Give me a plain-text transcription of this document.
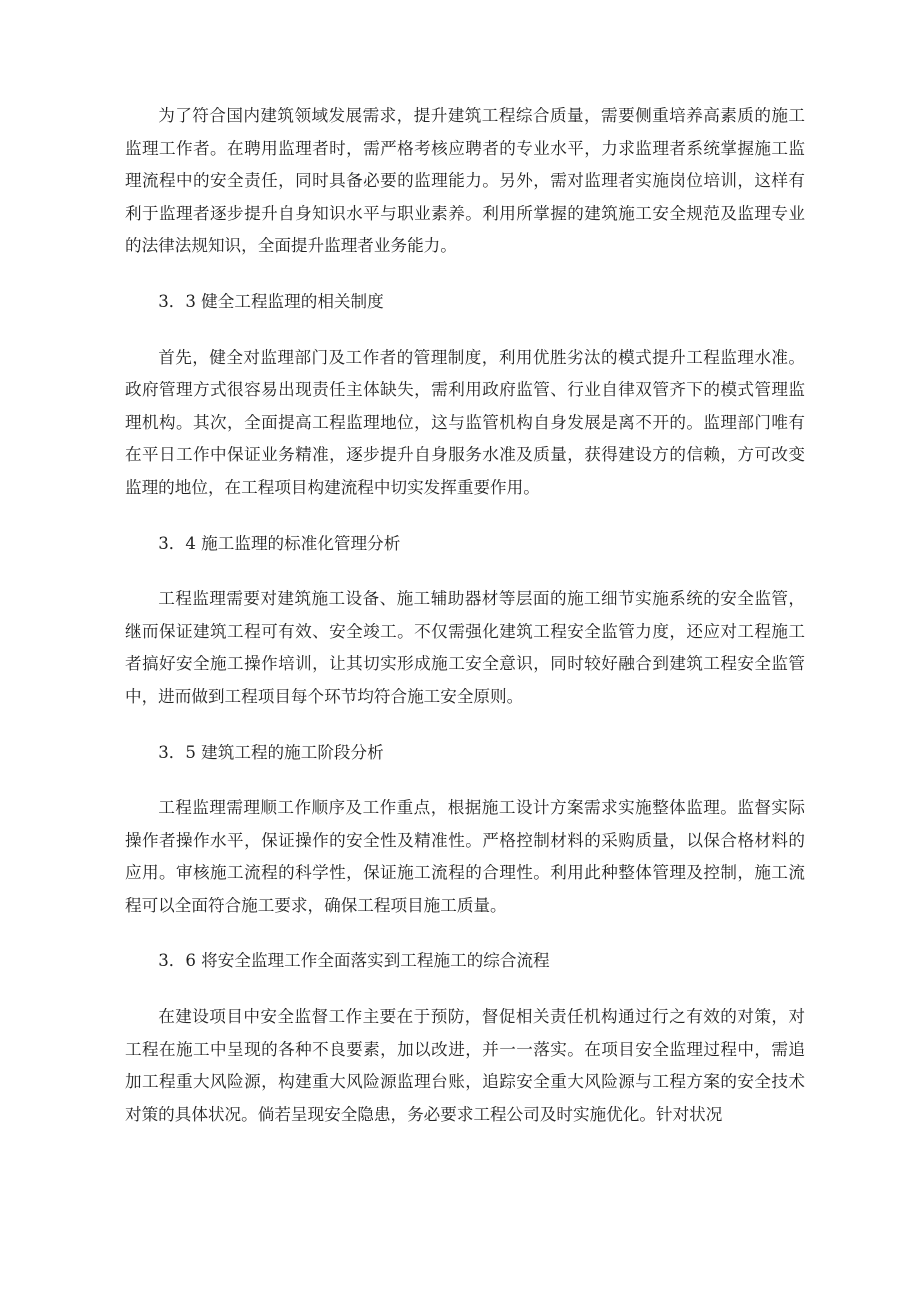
为了符合国内建筑领域发展需求，提升建筑工程综合质量，需要侧重培养高素质的施工监理工作者。在聘用监理者时，需严格考核应聘者的专业水平，力求监理者系统掌握施工监理流程中的安全责任，同时具备必要的监理能力。另外，需对监理者实施岗位培训，这样有利于监理者逐步提升自身知识水平与职业素养。利用所掌握的建筑施工安全规范及监理专业的法律法规知识，全面提升监理者业务能力。

3．3 健全工程监理的相关制度

首先，健全对监理部门及工作者的管理制度，利用优胜劣汰的模式提升工程监理水准。政府管理方式很容易出现责任主体缺失，需利用政府监管、行业自律双管齐下的模式管理监理机构。其次，全面提高工程监理地位，这与监管机构自身发展是离不开的。监理部门唯有在平日工作中保证业务精准，逐步提升自身服务水准及质量，获得建设方的信赖，方可改变监理的地位，在工程项目构建流程中切实发挥重要作用。

3．4 施工监理的标准化管理分析

工程监理需要对建筑施工设备、施工辅助器材等层面的施工细节实施系统的安全监管，继而保证建筑工程可有效、安全竣工。不仅需强化建筑工程安全监管力度，还应对工程施工者搞好安全施工操作培训，让其切实形成施工安全意识，同时较好融合到建筑工程安全监管中，进而做到工程项目每个环节均符合施工安全原则。

3．5 建筑工程的施工阶段分析

工程监理需理顺工作顺序及工作重点，根据施工设计方案需求实施整体监理。监督实际操作者操作水平，保证操作的安全性及精准性。严格控制材料的采购质量，以保合格材料的应用。审核施工流程的科学性，保证施工流程的合理性。利用此种整体管理及控制，施工流程可以全面符合施工要求，确保工程项目施工质量。

3．6 将安全监理工作全面落实到工程施工的综合流程

在建设项目中安全监督工作主要在于预防，督促相关责任机构通过行之有效的对策，对工程在施工中呈现的各种不良要素，加以改进，并一一落实。在项目安全监理过程中，需追加工程重大风险源，构建重大风险源监理台账，追踪安全重大风险源与工程方案的安全技术对策的具体状况。倘若呈现安全隐患，务必要求工程公司及时实施优化。针对状况
